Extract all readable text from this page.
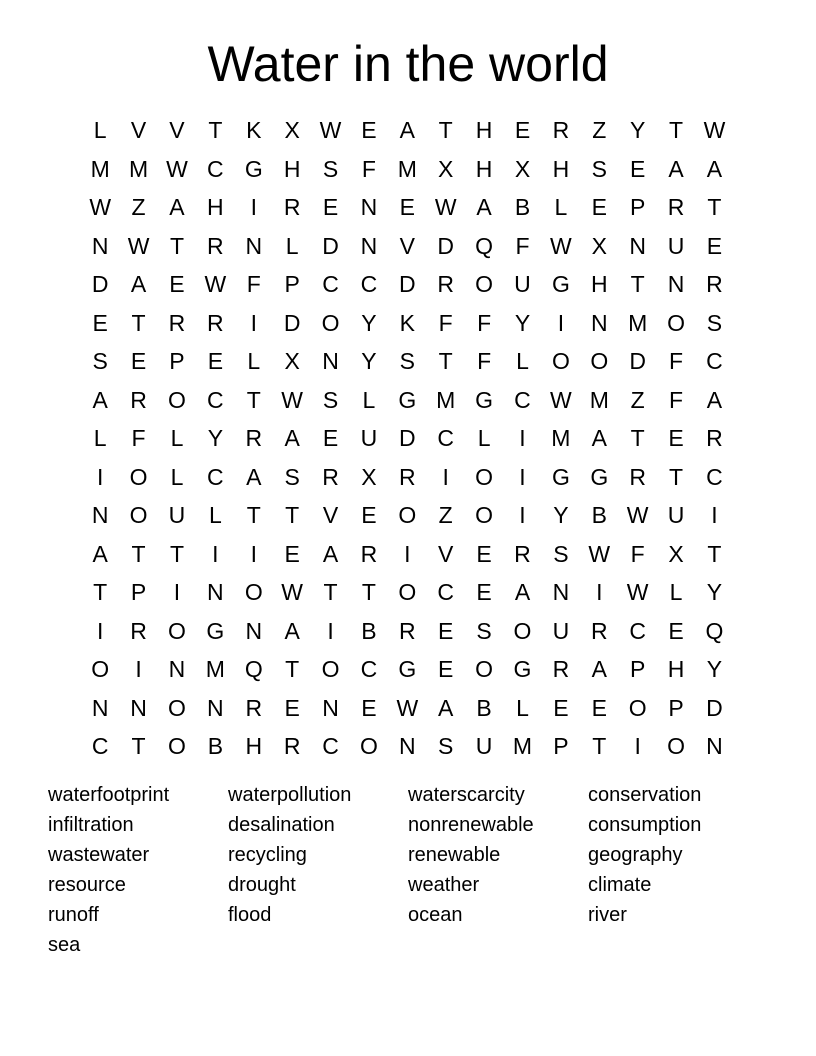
Water in the world
L	V	V	T	K	X W E	A	T	H E R	Z	Y	T W
M M W C G H S	F M X H X H S	E	A	A
W Z	A H	I	R E N E W A	B	L	E	P R	T
N W T	R N	L	D N V D Q F W X N U E
D A	E W F	P C C D R O U G H	T	N R
E	T	R R	I	D O Y	K	F	F	Y	I	N M O S
S	E	P	E	L	X N Y	S	T	F	L	O O D	F	C
A R O C	T W S	L	G M G C W M Z	F	A
L	F	L	Y R A	E U D C	L	I	M A	T	E R
I	O	L	C A	S R X R	I	O	I	G G R	T	C
N O U	L	T	T	V	E O Z O	I	Y	B W U	I
A	T	T	I	I	E	A R	I	V	E R S W F	X	T
T	P	I	N O W T	T O C E	A N	I	W L	Y
I	R O G N A	I	B R E	S O U R C E Q
O	I	N M Q T O C G E O G R A	P H Y
N N O N R E N E W A	B	L	E	E O P D
C	T O B H R C O N S U M P	T	I	O N
waterfootprint	waterpollution	waterscarcity	conservation
infiltration	desalination	nonrenewable	consumption
wastewater	recycling	renewable	geography
resource	drought	weather	climate
runoff	flood	ocean	river
sea
